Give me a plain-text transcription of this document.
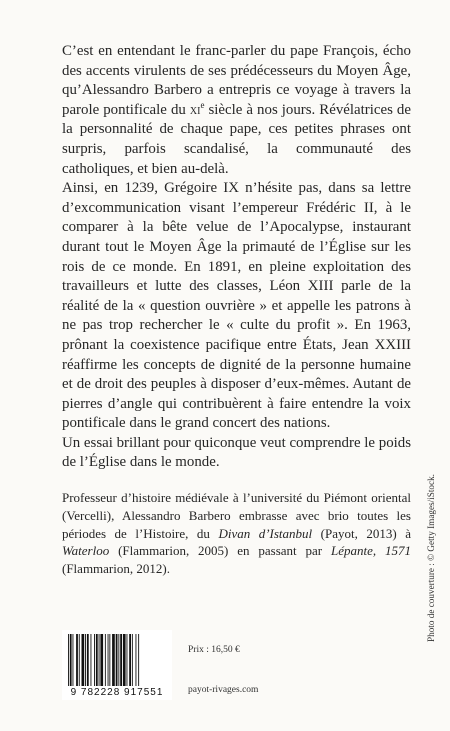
C’est en entendant le franc-parler du pape François, écho des accents virulents de ses prédécesseurs du Moyen Âge, qu’Alessandro Barbero a entrepris ce voyage à travers la parole pontificale du $xi^e$ siècle à nos jours. Révélatrices de la personnalité de chaque pape, ces petites phrases ont surpris, parfois scandalisé, la communauté des catholiques, et bien au-delà.

Ainsi, en 1239, Grégoire IX n’hésite pas, dans sa lettre d’excommunication visant l’empereur Frédéric II, à le comparer à la bête velue de l’Apocalypse, instaurant durant tout le Moyen Âge la primauté de l’Église sur les rois de ce monde. En 1891, en pleine exploitation des travailleurs et lutte des classes, Léon XIII parle de la réalité de la « question ouvrière » et appelle les patrons à ne pas trop rechercher le « culte du profit ». En 1963, prônant la coexistence pacifique entre États, Jean XXIII réaffirme les concepts de dignité de la personne humaine et de droit des peuples à disposer d’eux-mêmes. Autant de pierres d’angle qui contribuèrent à faire entendre la voix pontificale dans le grand concert des nations.

Un essai brillant pour quiconque veut comprendre le poids de l’Église dans le monde.

Professeur d’histoire médiévale à l’université du Piémont oriental (Vercelli), Alessandro Barbero embrasse avec brio toutes les périodes de l’Histoire, du Divan d’Istanbul (Payot, 2013) à Waterloo (Flammarion, 2005) en passant par Lépante, 1571 (Flammarion, 2012).	Photo de couverture : © Getty Images/iStock.
9 782228 917551
Prix : 16,50 €
payot-rivages.com
